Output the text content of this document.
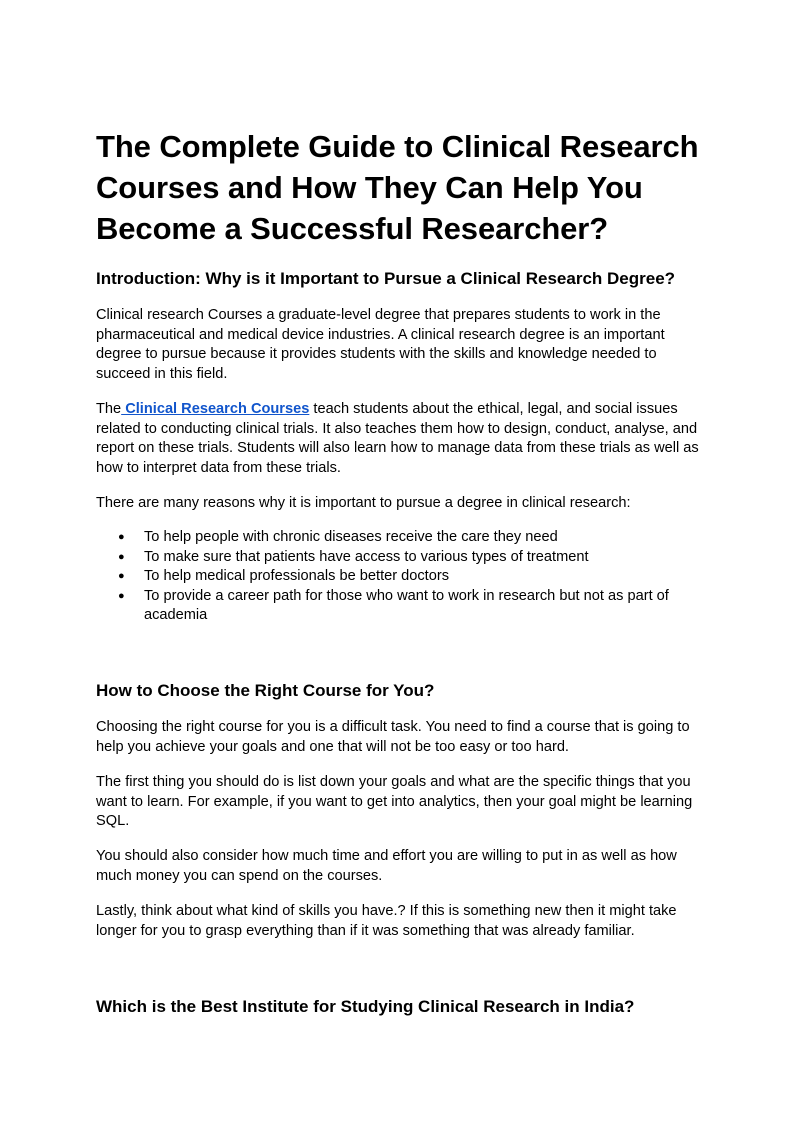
The Complete Guide to Clinical Research Courses and How They Can Help You Become a Successful Researcher?
Introduction: Why is it Important to Pursue a Clinical Research Degree?

Clinical research Courses a graduate-level degree that prepares students to work in the pharmaceutical and medical device industries. A clinical research degree is an important degree to pursue because it provides students with the skills and knowledge needed to succeed in this field.

The Clinical Research Courses teach students about the ethical, legal, and social issues related to conducting clinical trials. It also teaches them how to design, conduct, analyse, and report on these trials. Students will also learn how to manage data from these trials as well as how to interpret data from these trials.

There are many reasons why it is important to pursue a degree in clinical research:

● To help people with chronic diseases receive the care they need
● To make sure that patients have access to various types of treatment
● To help medical professionals be better doctors
● To provide a career path for those who want to work in research but not as part of academia
How to Choose the Right Course for You?

Choosing the right course for you is a difficult task. You need to find a course that is going to help you achieve your goals and one that will not be too easy or too hard.

The first thing you should do is list down your goals and what are the specific things that you want to learn. For example, if you want to get into analytics, then your goal might be learning SQL.

You should also consider how much time and effort you are willing to put in as well as how much money you can spend on the courses.

Lastly, think about what kind of skills you have.? If this is something new then it might take longer for you to grasp everything than if it was something that was already familiar.

Which is the Best Institute for Studying Clinical Research in India?
